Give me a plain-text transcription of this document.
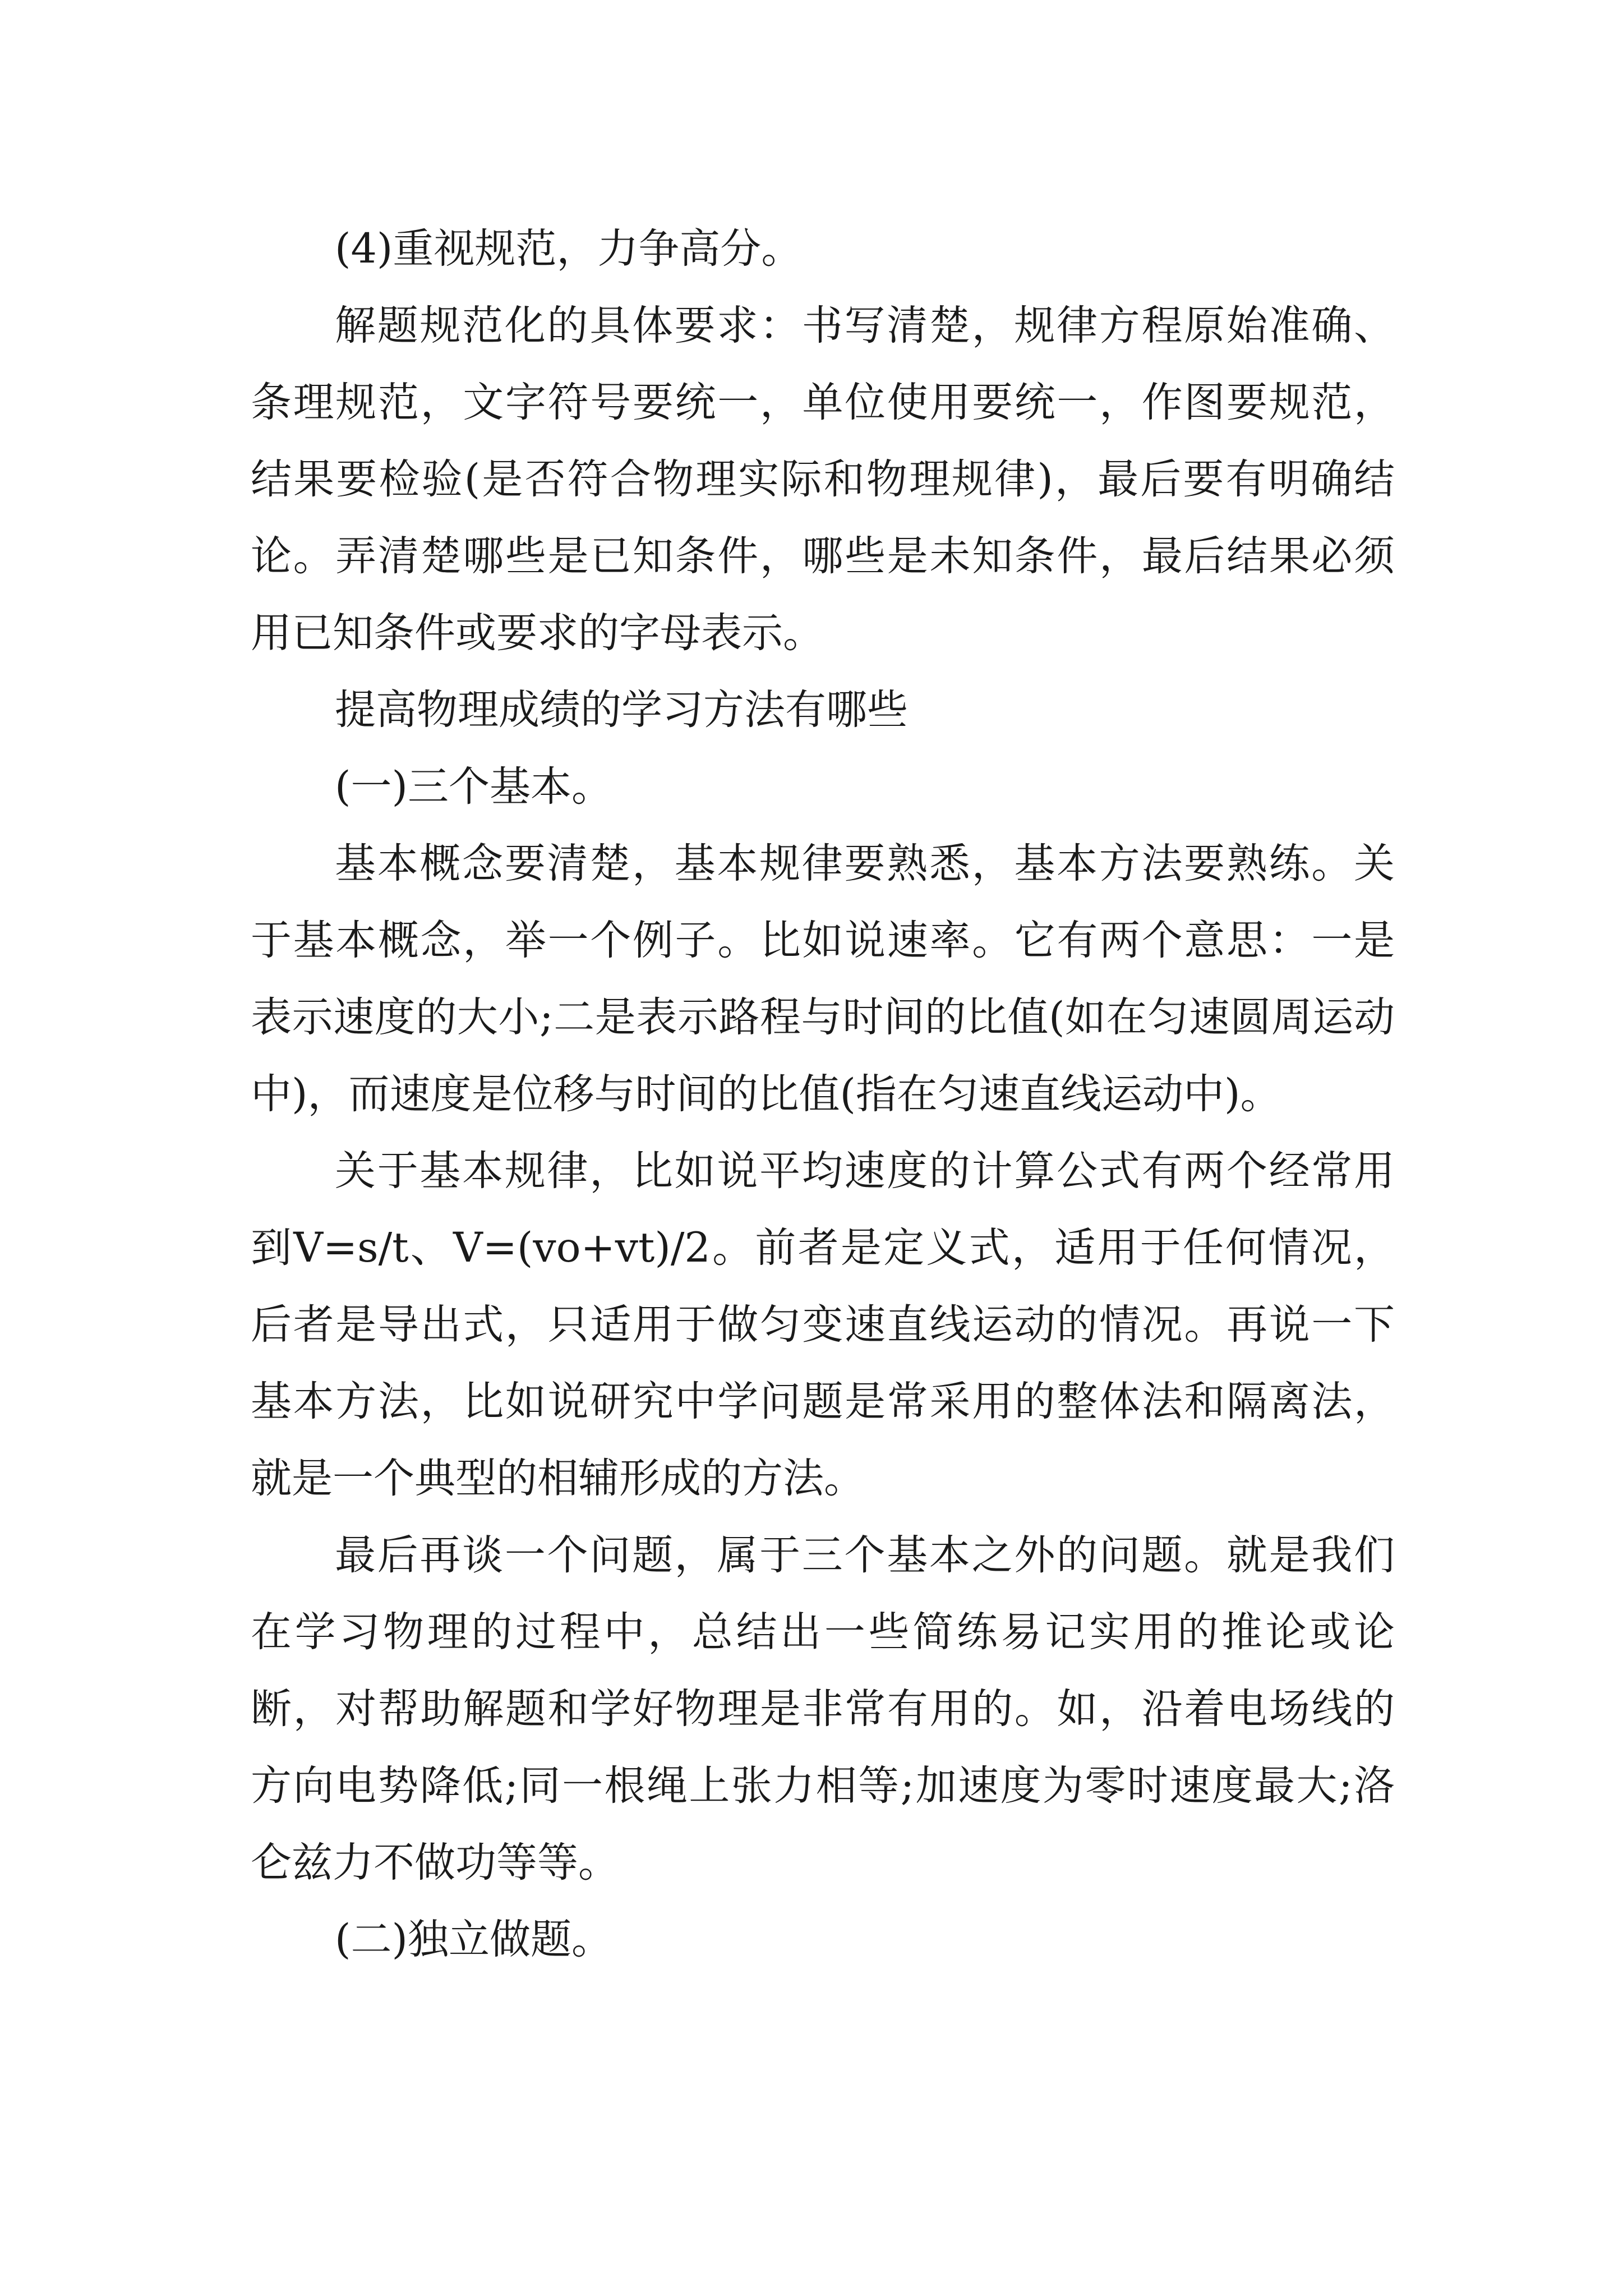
(4)重视规范，力争高分。

解题规范化的具体要求：书写清楚，规律方程原始准确、条理规范，文字符号要统一，单位使用要统一，作图要规范，结果要检验(是否符合物理实际和物理规律)，最后要有明确结论。弄清楚哪些是已知条件，哪些是未知条件，最后结果必须用已知条件或要求的字母表示。

提高物理成绩的学习方法有哪些

(一)三个基本。

基本概念要清楚，基本规律要熟悉，基本方法要熟练。关于基本概念，举一个例子。比如说速率。它有两个意思：一是表示速度的大小;二是表示路程与时间的比值(如在匀速圆周运动中)，而速度是位移与时间的比值(指在匀速直线运动中)。

关于基本规律，比如说平均速度的计算公式有两个经常用到V=s/t、V=(vo+vt)/2。前者是定义式，适用于任何情况，后者是导出式，只适用于做匀变速直线运动的情况。再说一下基本方法，比如说研究中学问题是常采用的整体法和隔离法，就是一个典型的相辅形成的方法。

最后再谈一个问题，属于三个基本之外的问题。就是我们在学习物理的过程中，总结出一些简练易记实用的推论或论断，对帮助解题和学好物理是非常有用的。如，沿着电场线的方向电势降低;同一根绳上张力相等;加速度为零时速度最大;洛仑兹力不做功等等。

(二)独立做题。
